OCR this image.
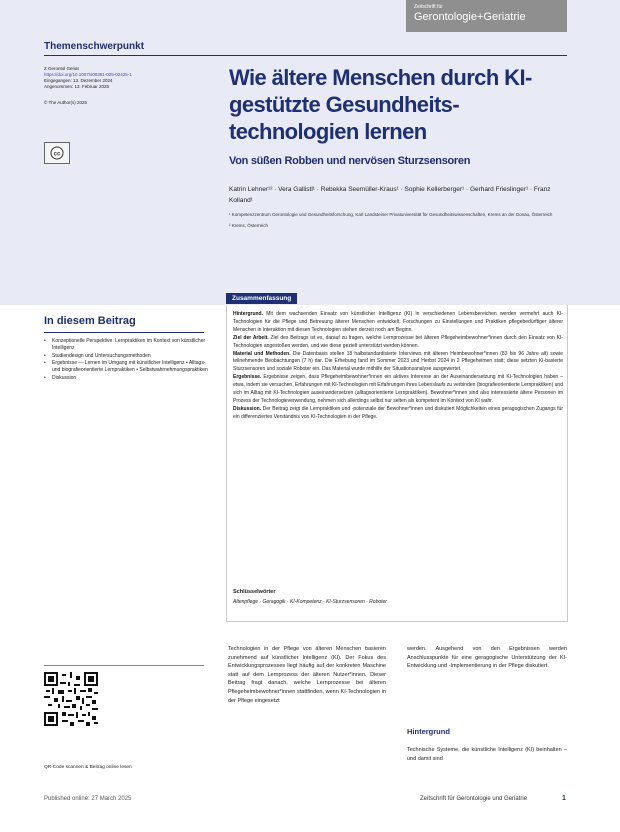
Zeitschrift für
Gerontologie+Geriatrie
Themenschwerpunkt
Z Gerontol Geriat
https://doi.org/10.1007/s00391-025-02425-1
Eingegangen: 13. Dezember 2024
Angenommen: 13. Februar 2025
© The Author(s) 2025
cc
Wie ältere Menschen durch KI-gestützte Gesundheits-technologien lernen
Von süßen Robben und nervösen Sturzsensoren
Katrin Lehner¹² · Vera Gallistl¹ · Rebekka Seemüller-Kraus¹ · Sophie Kellerberger¹ · Gerhard Frieslinger¹ · Franz Kolland¹
¹ Kompetenzzentrum Gerontologie und Gesundheitsforschung, Karl Landsteiner Privatuniversität für Gesundheitswissenschaften, Krems an der Donau, Österreich
² Krems, Österreich
Zusammenfassung

Hintergrund. Mit dem wachsenden Einsatz von künstlicher Intelligenz (KI) in verschiedenen Lebensbereichen werden vermehrt auch KI-Technologien für die Pflege und Betreuung älterer Menschen entwickelt. Forschungen zu Einstellungen und Praktiken pflegebedürftiger älterer Menschen in Interaktion mit diesen Technologien stehen derzeit noch am Beginn.

Ziel der Arbeit. Ziel des Beitrags ist es, darauf zu fragen, welche Lernprozesse bei älteren Pflegeheimbewohner*innen durch den Einsatz von KI-Technologien angestoßen werden, und wie diese gezielt unterstützt werden können.

Material und Methoden. Die Datenbasis stellen 18 halbstandardisierte Interviews mit älteren Heimbewohner*innen (83 bis 96 Jahre alt) sowie teilnehmende Beobachtungen (7 h) dar. Die Erhebung fand im Sommer 2023 und Herbst 2024 in 2 Pflegeheimen statt; diese setzten KI-basierte Sturzsensoren und soziale Roboter ein. Das Material wurde mithilfe der Situationsanalyse ausgewertet.

Ergebnisse. Ergebnisse zeigen, dass Pflegeheimbewohner*innen ein aktives Interesse an der Auseinandersetzung mit KI-Technologien haben – etwa, indem sie versuchen, Erfahrungen mit KI-Technologien mit Erfahrungen ihres Lebenslaufs zu verbinden (biografieorientierte Lernpraktiken) und sich im Alltag mit KI-Technologien auseinandersetzen (alltagsorientierte Lernpraktiken). Bewohner*innen sind also interessierte ältere Personen im Prozess der Technologieverwendung, nehmen sich allerdings selbst nur selten als kompetent im Kontext von KI wahr.

Diskussion. Der Beitrag zeigt die Lernpraktiken und -potenziale der Bewohner*innen und diskutiert Möglichkeiten eines geragogischen Zugangs für ein differenziertes Verständnis von KI-Technologien in der Pflege.

Schlüsselwörter
Altenpflege · Geragogik · KI-Kompetenz · KI-Sturzsensoren · Roboter
In diesem Beitrag
• Konzeptionelle Perspektive: Lernpraktiken im Kontext von künstlicher Intelligenz
• Studiendesign und Untersuchungsmethoden
• Ergebnisse — Lernen im Umgang mit künstlicher Intelligenz • Alltags- und biografieorientierte Lernpraktiken • Selbstwahrnehmungspraktiken
• Diskussion
QR-Code scannen & Beitrag online lesen
Technologien in der Pflege von älteren Menschen basieren zunehmend auf künstlicher Intelligenz (KI). Der Fokus des Entwicklungsprozesses liegt häufig auf der konkreten Maschine statt auf dem Lernprozess der älteren Nutzer*innen. Dieser Beitrag fragt danach, welche Lernprozesse bei älteren Pflegeheimbewohner*innen stattfinden, wenn KI-Technologien in der Pflege eingesetzt
werden. Ausgehend von den Ergebnissen werden Anschlusspunkte für eine geragogische Unterstützung der KI-Entwicklung und -Implementierung in der Pflege diskutiert.
Hintergrund
Technische Systeme, die künstliche Intelligenz (KI) beinhalten – und damit sind
Published online: 27 March 2025	Zeitschrift für Gerontologie und Geriatrie	1
